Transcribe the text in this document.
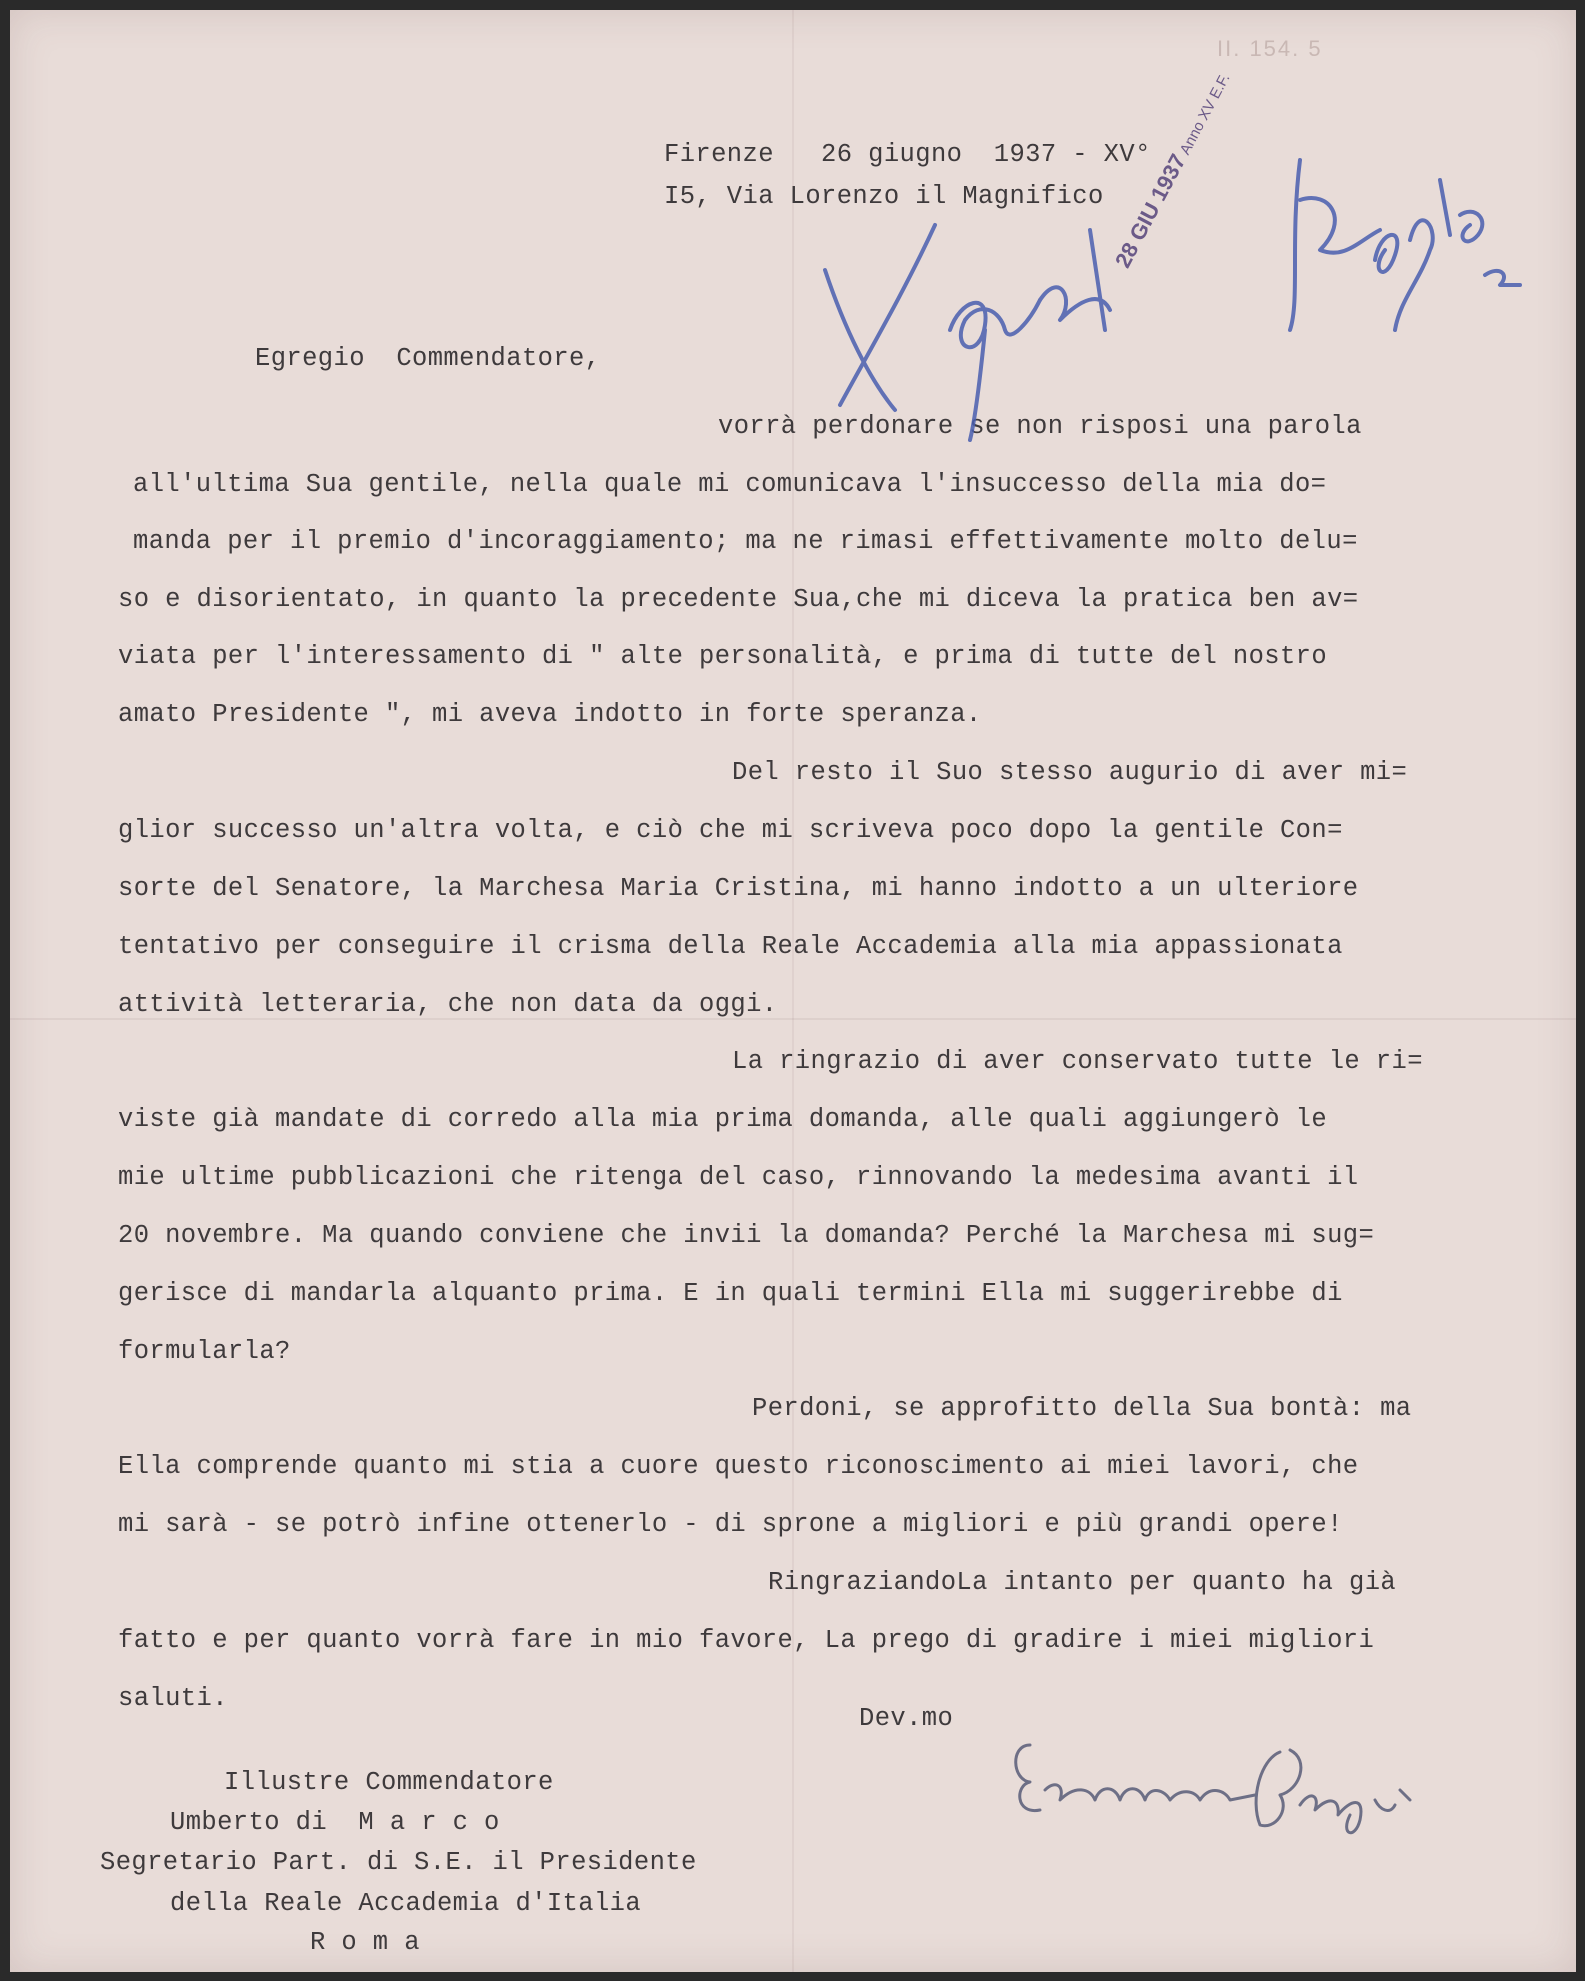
II. 154. 5

Firenze   26 giugno  1937 - XV°

I5, Via Lorenzo il Magnifico

Egregio  Commendatore,

vorrà perdonare se non risposi una parola

all'ultima Sua gentile, nella quale mi comunicava l'insuccesso della mia do=

manda per il premio d'incoraggiamento; ma ne rimasi effettivamente molto delu=

so e disorientato, in quanto la precedente Sua,che mi diceva la pratica ben av=

viata per l'interessamento di " alte personalità, e prima di tutte del nostro

amato Presidente ", mi aveva indotto in forte speranza.

Del resto il Suo stesso augurio di aver mi=

glior successo un'altra volta, e ciò che mi scriveva poco dopo la gentile Con=

sorte del Senatore, la Marchesa Maria Cristina, mi hanno indotto a un ulteriore

tentativo per conseguire il crisma della Reale Accademia alla mia appassionata

attività letteraria, che non data da oggi.

La ringrazio di aver conservato tutte le ri=

viste già mandate di corredo alla mia prima domanda, alle quali aggiungerò le

mie ultime pubblicazioni che ritenga del caso, rinnovando la medesima avanti il

20 novembre. Ma quando conviene che invii la domanda? Perché la Marchesa mi sug=

gerisce di mandarla alquanto prima. E in quali termini Ella mi suggerirebbe di

formularla?

Perdoni, se approfitto della Sua bontà: ma

Ella comprende quanto mi stia a cuore questo riconoscimento ai miei lavori, che

mi sarà - se potrò infine ottenerlo - di sprone a migliori e più grandi opere!

RingraziandoLa intanto per quanto ha già

fatto e per quanto vorrà fare in mio favore, La prego di gradire i miei migliori

saluti.

Dev.mo

Illustre Commendatore

Umberto di  M a r c o

Segretario Part. di S.E. il Presidente

della Reale Accademia d'Italia

R o m a

28 GIU 1937Anno XV E.F.
